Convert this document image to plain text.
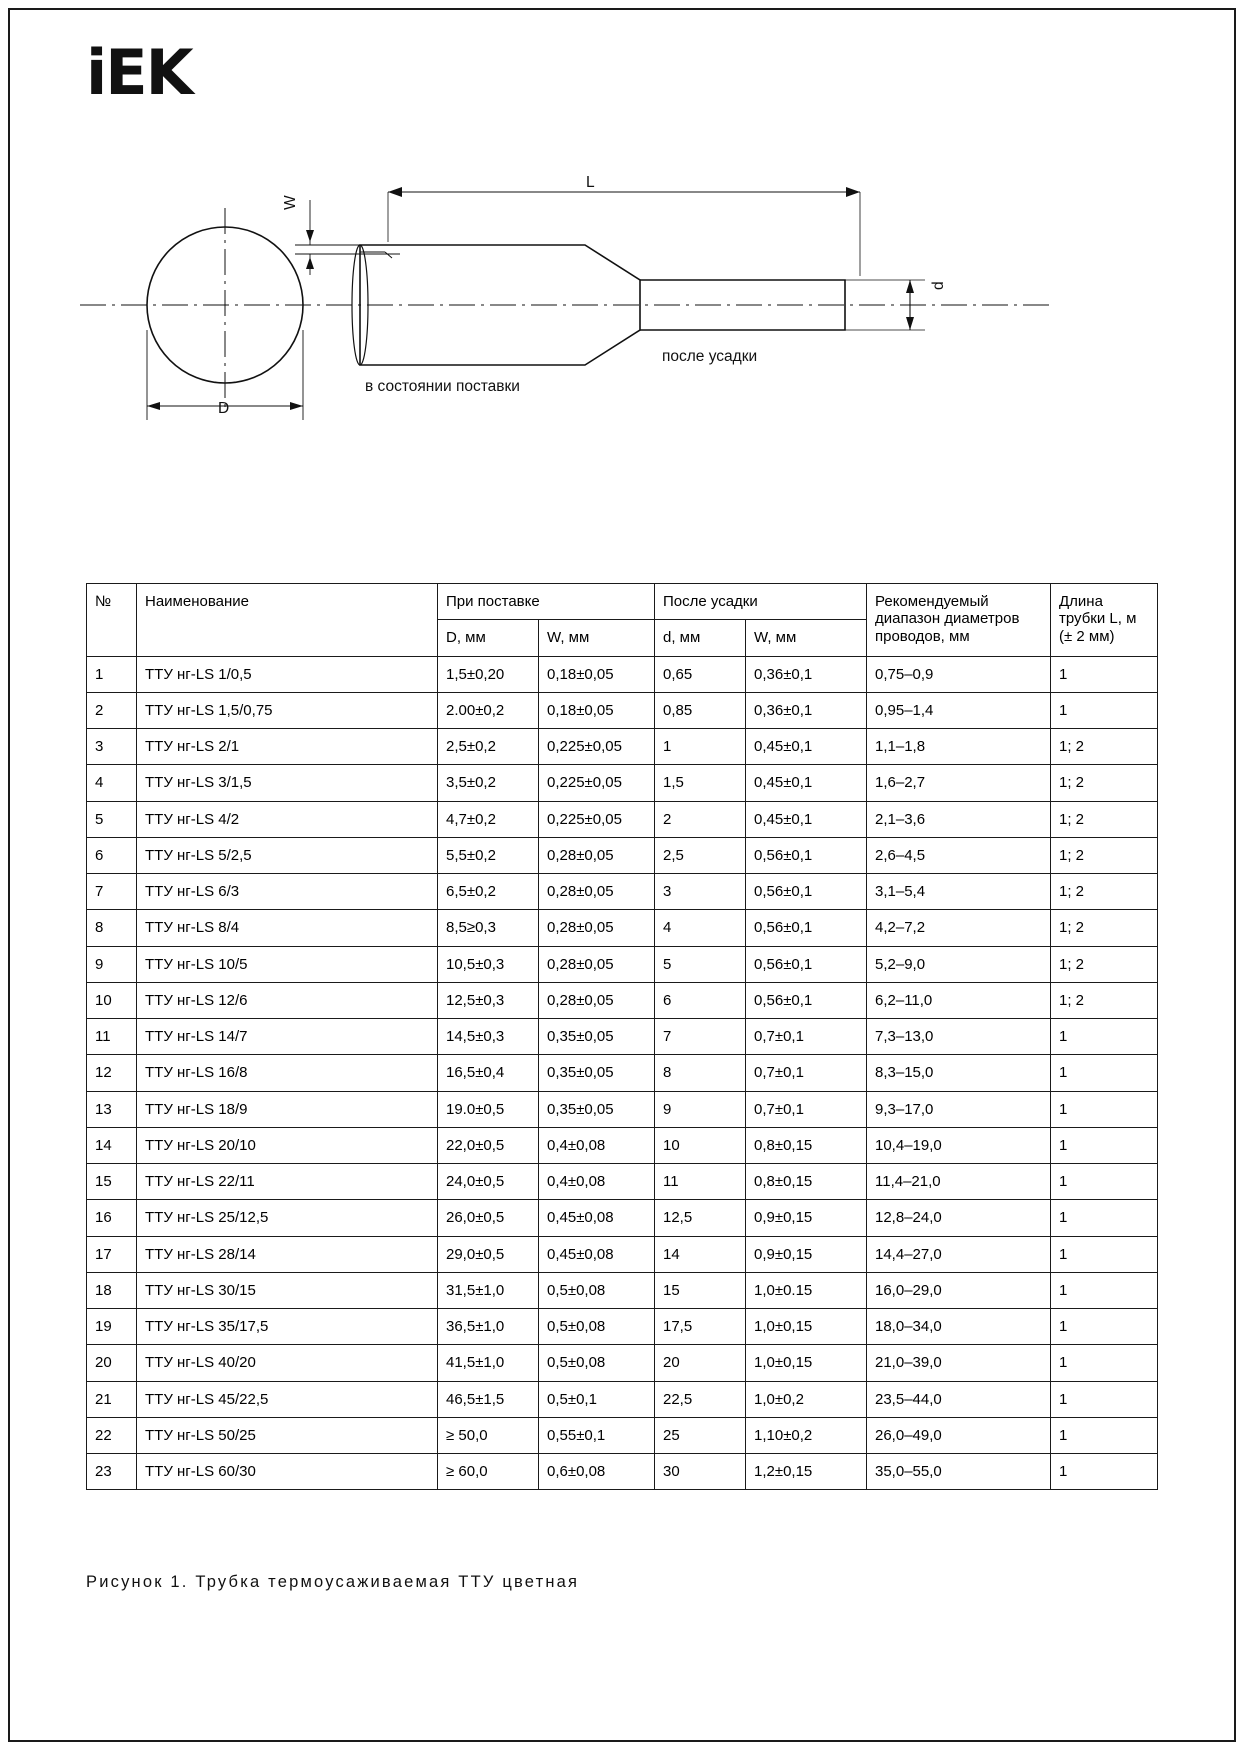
iEK
L
W
D
d
в состоянии поставки
после усадки
№	Наименование	При поставке		После усадки		Рекомендуемый диапазон диаметров проводов, мм	Длина трубки L, м (± 2 мм)
		D, мм	W, мм	d, мм	W, мм		
1	ТТУ нг-LS 1/0,5	1,5±0,20	0,18±0,05	0,65	0,36±0,1	0,75–0,9	1
2	ТТУ нг-LS 1,5/0,75	2.00±0,2	0,18±0,05	0,85	0,36±0,1	0,95–1,4	1
3	ТТУ нг-LS 2/1	2,5±0,2	0,225±0,05	1	0,45±0,1	1,1–1,8	1; 2
4	ТТУ нг-LS 3/1,5	3,5±0,2	0,225±0,05	1,5	0,45±0,1	1,6–2,7	1; 2
5	ТТУ нг-LS 4/2	4,7±0,2	0,225±0,05	2	0,45±0,1	2,1–3,6	1; 2
6	ТТУ нг-LS 5/2,5	5,5±0,2	0,28±0,05	2,5	0,56±0,1	2,6–4,5	1; 2
7	ТТУ нг-LS 6/3	6,5±0,2	0,28±0,05	3	0,56±0,1	3,1–5,4	1; 2
8	ТТУ нг-LS 8/4	8,5≥0,3	0,28±0,05	4	0,56±0,1	4,2–7,2	1; 2
9	ТТУ нг-LS 10/5	10,5±0,3	0,28±0,05	5	0,56±0,1	5,2–9,0	1; 2
10	ТТУ нг-LS 12/6	12,5±0,3	0,28±0,05	6	0,56±0,1	6,2–11,0	1; 2
11	ТТУ нг-LS 14/7	14,5±0,3	0,35±0,05	7	0,7±0,1	7,3–13,0	1
12	ТТУ нг-LS 16/8	16,5±0,4	0,35±0,05	8	0,7±0,1	8,3–15,0	1
13	ТТУ нг-LS 18/9	19.0±0,5	0,35±0,05	9	0,7±0,1	9,3–17,0	1
14	ТТУ нг-LS 20/10	22,0±0,5	0,4±0,08	10	0,8±0,15	10,4–19,0	1
15	ТТУ нг-LS 22/11	24,0±0,5	0,4±0,08	11	0,8±0,15	11,4–21,0	1
16	ТТУ нг-LS 25/12,5	26,0±0,5	0,45±0,08	12,5	0,9±0,15	12,8–24,0	1
17	ТТУ нг-LS 28/14	29,0±0,5	0,45±0,08	14	0,9±0,15	14,4–27,0	1
18	ТТУ нг-LS 30/15	31,5±1,0	0,5±0,08	15	1,0±0.15	16,0–29,0	1
19	ТТУ нг-LS 35/17,5	36,5±1,0	0,5±0,08	17,5	1,0±0,15	18,0–34,0	1
20	ТТУ нг-LS 40/20	41,5±1,0	0,5±0,08	20	1,0±0,15	21,0–39,0	1
21	ТТУ нг-LS 45/22,5	46,5±1,5	0,5±0,1	22,5	1,0±0,2	23,5–44,0	1
22	ТТУ нг-LS 50/25	≥ 50,0	0,55±0,1	25	1,10±0,2	26,0–49,0	1
23	ТТУ нг-LS 60/30	≥ 60,0	0,6±0,08	30	1,2±0,15	35,0–55,0	1
Рисунок 1. Трубка термоусаживаемая ТТУ цветная
